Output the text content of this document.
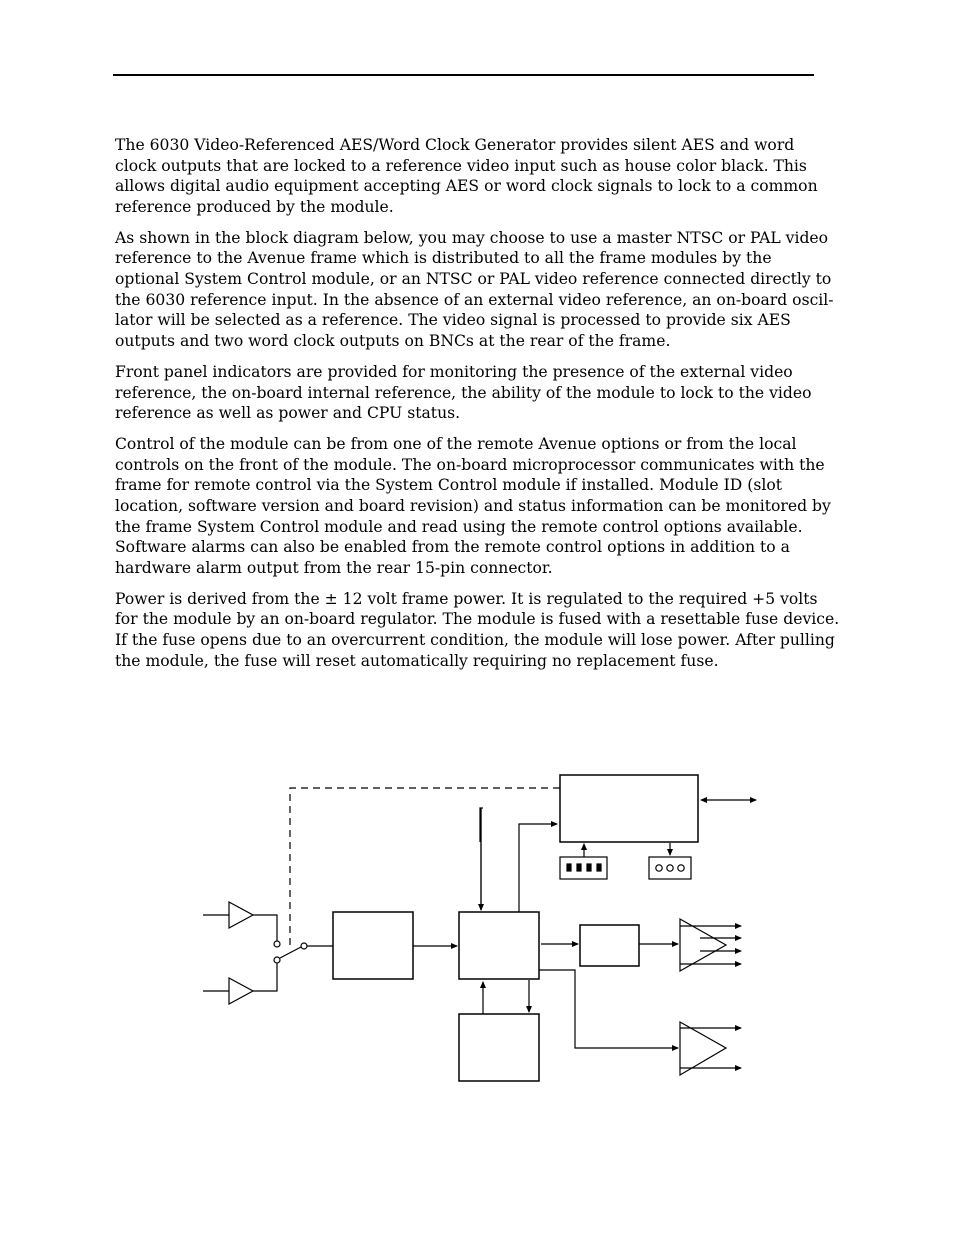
The 6030 Video-Referenced AES/Word Clock Generator provides silent AES and word clock outputs that are locked to a reference video input such as house color black. This allows digital audio equipment accepting AES or word clock signals to lock to a common reference produced by the module.

As shown in the block diagram below, you may choose to use a master NTSC or PAL video reference to the Avenue frame which is distributed to all the frame modules by the optional System Control module, or an NTSC or PAL video reference connected directly to the 6030 reference input. In the absence of an external video reference, an on-board oscil-lator will be selected as a reference. The video signal is processed to provide six AES outputs and two word clock outputs on BNCs at the rear of the frame.

Front panel indicators are provided for monitoring the presence of the external video reference, the on-board internal reference, the ability of the module to lock to the video reference as well as power and CPU status.

Control of the module can be from one of the remote Avenue options or from the local controls on the front of the module. The on-board microprocessor communicates with the frame for remote control via the System Control module if installed. Module ID (slot location, software version and board revision) and status information can be monitored by the frame System Control module and read using the remote control options available. Software alarms can also be enabled from the remote control options in addition to a hardware alarm output from the rear 15-pin connector.

Power is derived from the ± 12 volt frame power. It is regulated to the required +5 volts for the module by an on-board regulator. The module is fused with a resettable fuse device. If the fuse opens due to an overcurrent condition, the module will lose power. After pulling the module, the fuse will reset automatically requiring no replacement fuse.
